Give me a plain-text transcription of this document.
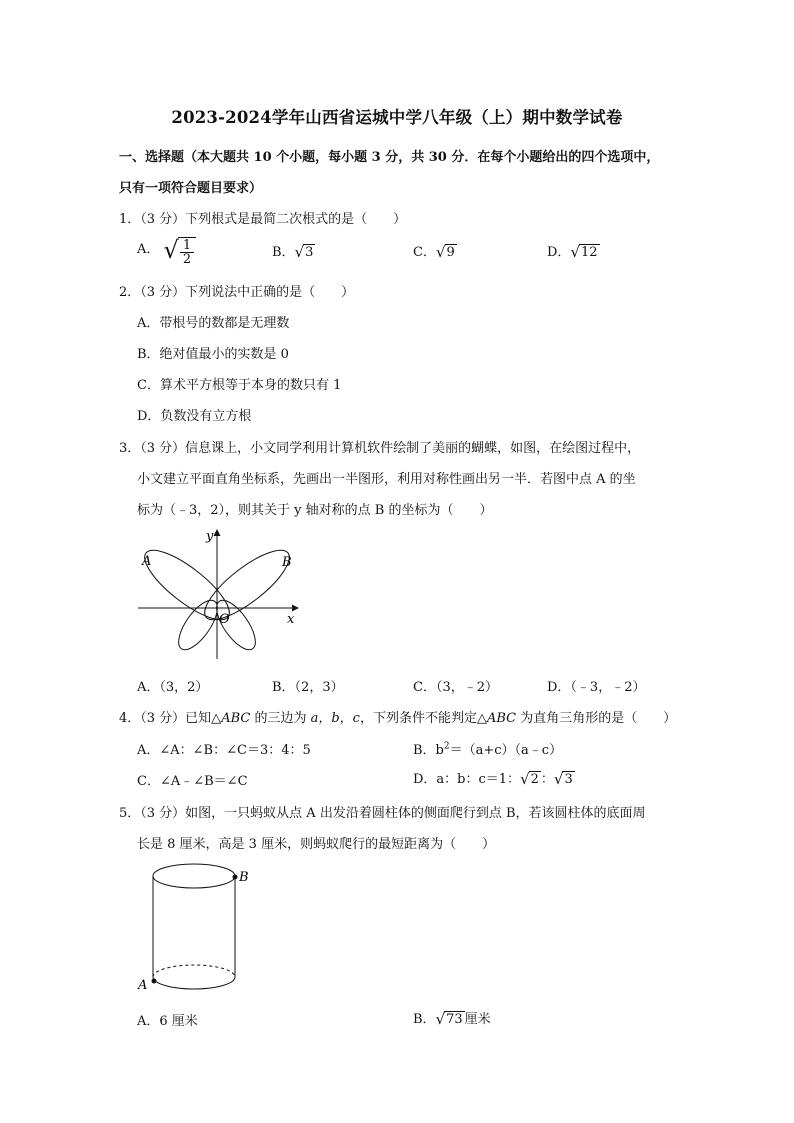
2023-2024学年山西省运城中学八年级（上）期中数学试卷
一、选择题（本大题共 10 个小题，每小题 3 分，共 30 分．在每个小题给出的四个选项中，
只有一项符合题目要求）
1．（3 分）下列根式是最简二次根式的是（　　）
A． √ $\frac{1}{2}$	B．√3	C．√9	D．√12
2．（3 分）下列说法中正确的是（　　）
A．带根号的数都是无理数
B．绝对值最小的实数是 0
C．算术平方根等于本身的数只有 1
D．负数没有立方根
3．（3 分）信息课上，小文同学利用计算机软件绘制了美丽的蝴蝶，如图，在绘图过程中，
小文建立平面直角坐标系，先画出一半图形，利用对称性画出另一半．若图中点 A 的坐
标为（﹣3，2），则其关于 y 轴对称的点 B 的坐标为（　　）
y
x
O
A	B
A．（3，2）	B．（2，3）	C．（3，﹣2）	D．（﹣3，﹣2）
4．（3 分）已知△ABC 的三边为 a，b，c，下列条件不能判定△ABC 为直角三角形的是（　　）
A．∠A：∠B：∠C＝3：4：5	B．$b^2=(a+c)(a﹣c)$
C．∠A﹣∠B＝∠C	D．a：b：c＝1：√2 ：√3
5．（3 分）如图，一只蚂蚁从点 A 出发沿着圆柱体的侧面爬行到点 B，若该圆柱体的底面周
长是 8 厘米，高是 3 厘米，则蚂蚁爬行的最短距离为（　　）
B
A
A．6 厘米	B．√73 厘米
